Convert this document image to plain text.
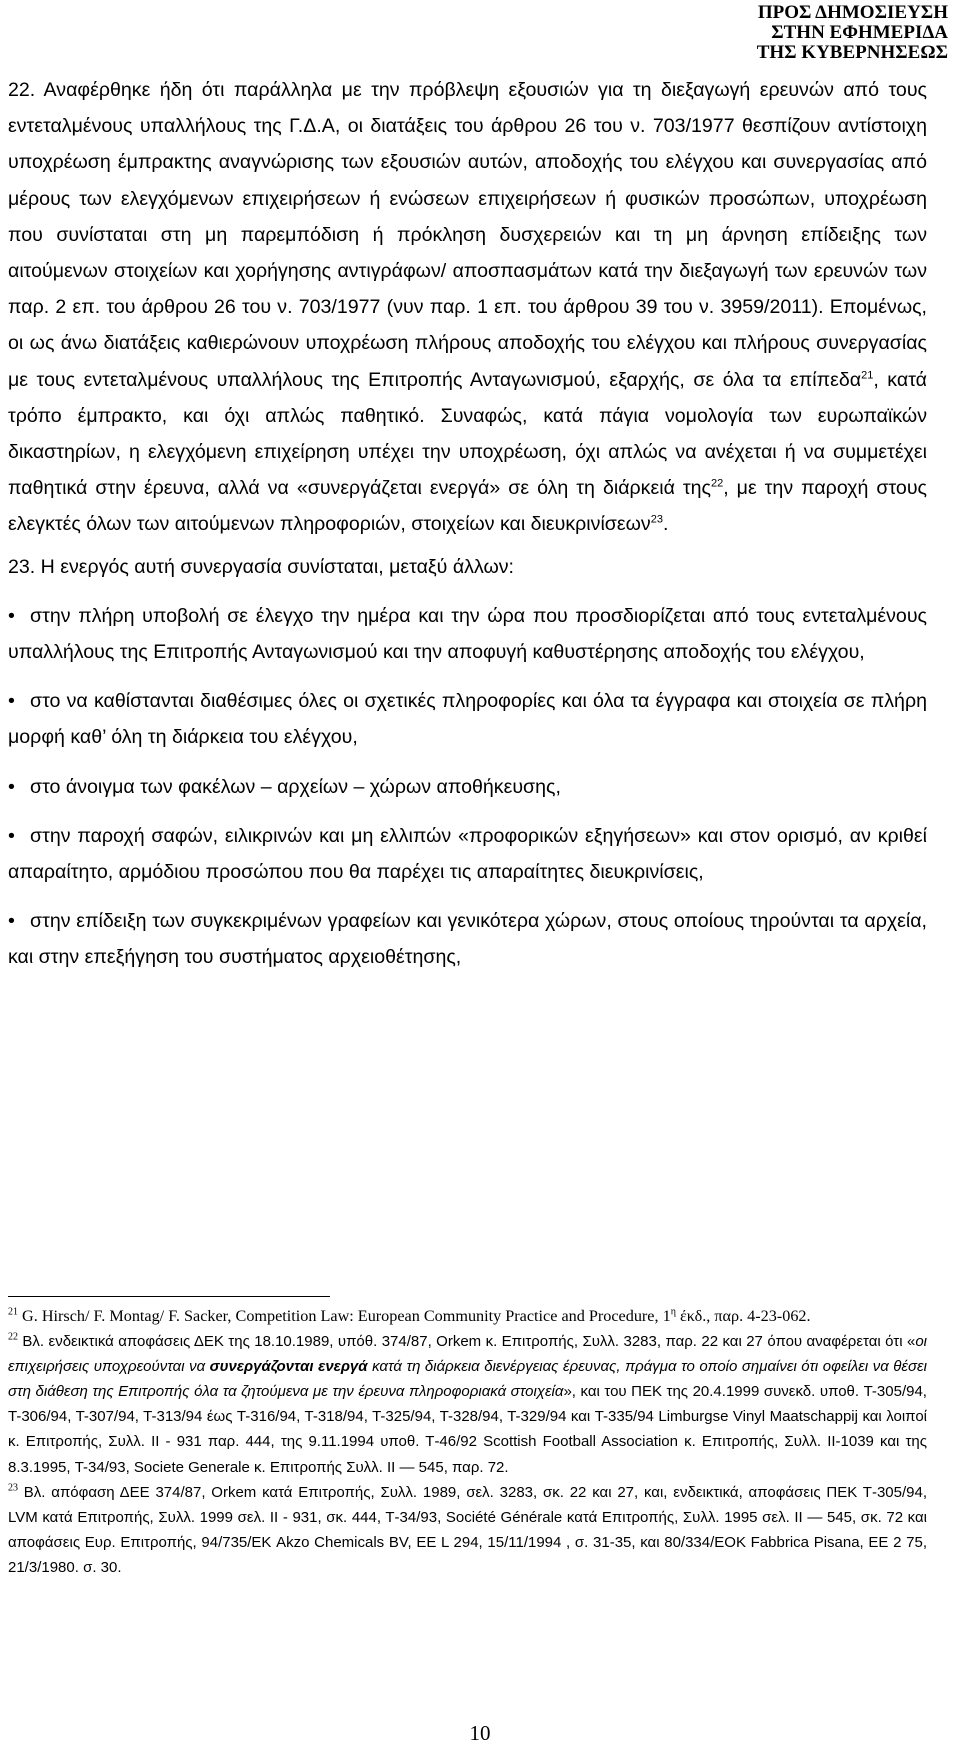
ΠΡΟΣ ΔΗΜΟΣΙΕΥΣΗ
ΣΤΗΝ ΕΦΗΜΕΡΙΔΑ
ΤΗΣ ΚΥΒΕΡΝΗΣΕΩΣ

22. Αναφέρθηκε ήδη ότι παράλληλα με την πρόβλεψη εξουσιών για τη διεξαγωγή ερευνών από τους εντεταλμένους υπαλλήλους της Γ.Δ.Α, οι διατάξεις του άρθρου 26 του ν. 703/1977 θεσπίζουν αντίστοιχη υποχρέωση έμπρακτης αναγνώρισης των εξουσιών αυτών, αποδοχής του ελέγχου και συνεργασίας από μέρους των ελεγχόμενων επιχειρήσεων ή ενώσεων επιχειρήσεων ή φυσικών προσώπων, υποχρέωση που συνίσταται στη μη παρεμπόδιση ή πρόκληση δυσχερειών και τη μη άρνηση επίδειξης των αιτούμενων στοιχείων και χορήγησης αντιγράφων/ αποσπασμάτων κατά την διεξαγωγή των ερευνών των παρ. 2 επ. του άρθρου 26 του ν. 703/1977 (νυν παρ. 1 επ. του άρθρου 39 του ν. 3959/2011). Επομένως, οι ως άνω διατάξεις καθιερώνουν υποχρέωση πλήρους αποδοχής του ελέγχου και πλήρους συνεργασίας με τους εντεταλμένους υπαλλήλους της Επιτροπής Ανταγωνισμού, εξαρχής, σε όλα τα επίπεδα$^{21}$, κατά τρόπο έμπρακτο, και όχι απλώς παθητικό. Συναφώς, κατά πάγια νομολογία των ευρωπαϊκών δικαστηρίων, η ελεγχόμενη επιχείρηση υπέχει την υποχρέωση, όχι απλώς να ανέχεται ή να συμμετέχει παθητικά στην έρευνα, αλλά να «συνεργάζεται ενεργά» σε όλη τη διάρκειά της$^{22}$, με την παροχή στους ελεγκτές όλων των αιτούμενων πληροφοριών, στοιχείων και διευκρινίσεων$^{23}$.

23. Η ενεργός αυτή συνεργασία συνίσταται, μεταξύ άλλων:

• στην πλήρη υποβολή σε έλεγχο την ημέρα και την ώρα που προσδιορίζεται από τους εντεταλμένους υπαλλήλους της Επιτροπής Ανταγωνισμού και την αποφυγή καθυστέρησης αποδοχής του ελέγχου,

• στο να καθίστανται διαθέσιμες όλες οι σχετικές πληροφορίες και όλα τα έγγραφα και στοιχεία σε πλήρη μορφή καθ’ όλη τη διάρκεια του ελέγχου,

• στο άνοιγμα των φακέλων – αρχείων – χώρων αποθήκευσης,

• στην παροχή σαφών, ειλικρινών και μη ελλιπών «προφορικών εξηγήσεων» και στον ορισμό, αν κριθεί απαραίτητο, αρμόδιου προσώπου που θα παρέχει τις απαραίτητες διευκρινίσεις,

• στην επίδειξη των συγκεκριμένων γραφείων και γενικότερα χώρων, στους οποίους τηρούνται τα αρχεία, και στην επεξήγηση του συστήματος αρχειοθέτησης,

$^{21}$ G. Hirsch/ F. Montag/ F. Sacker, Competition Law: European Community Practice and Procedure, $1^\eta$ έκδ., παρ. 4-23-062.

$^{22}$ Βλ. ενδεικτικά αποφάσεις ΔΕΚ της 18.10.1989, υπόθ. 374/87, Orkem κ. Επιτροπής, Συλλ. 3283, παρ. 22 και 27 όπου αναφέρεται ότι «οι επιχειρήσεις υποχρεούνται να συνεργάζονται ενεργά κατά τη διάρκεια διενέργειας έρευνας, πράγμα το οποίο σημαίνει ότι οφείλει να θέσει στη διάθεση της Επιτροπής όλα τα ζητούμενα με την έρευνα πληροφοριακά στοιχεία», και του ΠΕΚ της 20.4.1999 συνεκδ. υποθ. T-305/94, T-306/94, T-307/94, T-313/94 έως T-316/94, T-318/94, T-325/94, T-328/94, T-329/94 και T-335/94 Limburgse Vinyl Maatschappij και λοιποί κ. Επιτροπής, Συλλ. ΙΙ - 931 παρ. 444, της 9.11.1994 υποθ. Τ-46/92 Scottish Football Association κ. Επιτροπής, Συλλ. ΙΙ-1039 και της 8.3.1995, T-34/93, Societe Generale κ. Επιτροπής Συλλ. II — 545, παρ. 72.

$^{23}$ Βλ. απόφαση ΔΕΕ 374/87, Orkem κατά Επιτροπής, Συλλ. 1989, σελ. 3283, σκ. 22 και 27, και, ενδεικτικά, αποφάσεις ΠΕΚ Τ-305/94, LVM κατά Επιτροπής, Συλλ. 1999 σελ. ΙΙ - 931, σκ. 444, Τ-34/93, Société Générale κατά Επιτροπής, Συλλ. 1995 σελ. ΙΙ — 545, σκ. 72 και αποφάσεις Ευρ. Επιτροπής, 94/735/ΕΚ Akzo Chemicals BV, ΕΕ L 294, 15/11/1994 , σ. 31-35, και 80/334/ΕΟΚ Fabbrica Pisana, ΕΕ 2 75, 21/3/1980. σ. 30.

10
